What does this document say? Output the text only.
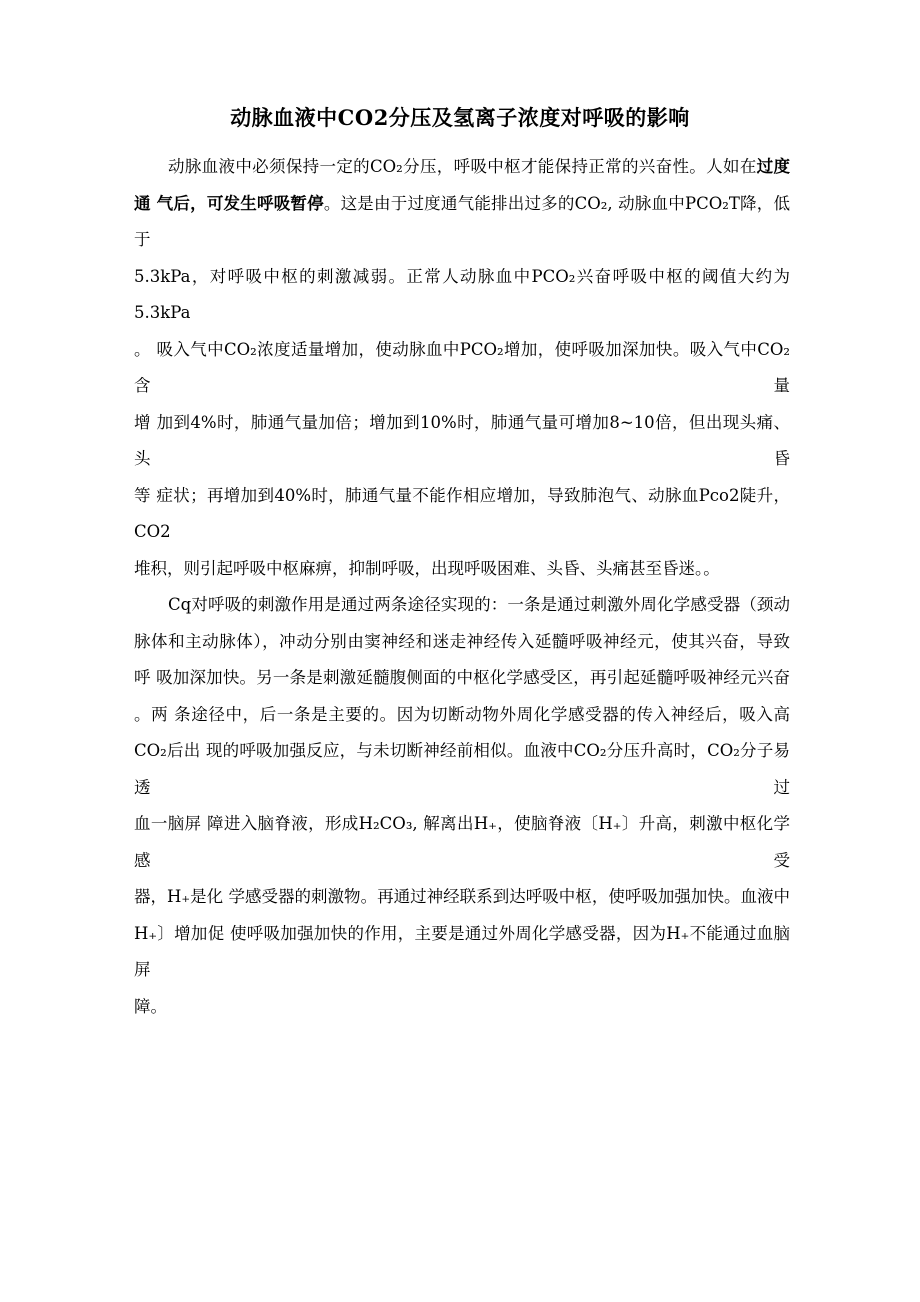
动脉血液中CO2分压及氢离子浓度对呼吸的影响
动脉血液中必须保持一定的CO₂分压，呼吸中枢才能保持正常的兴奋性。人如在过度
通 气后，可发生呼吸暂停。这是由于过度通气能排出过多的CO₂, 动脉血中PCO₂T降，低于
5.3kPa，对呼吸中枢的刺激减弱。正常人动脉血中PCO₂兴奋呼吸中枢的阈值大约为5.3kPa
。 吸入气中CO₂浓度适量增加，使动脉血中PCO₂增加，使呼吸加深加快。吸入气中CO₂含量
增 加到4%时，肺通气量加倍；增加到10%时，肺通气量可增加8~10倍，但出现头痛、头昏
等 症状；再增加到40%时，肺通气量不能作相应增加，导致肺泡气、动脉血Pco2陡升，CO2
堆积，则引起呼吸中枢麻痹，抑制呼吸，出现呼吸困难、头昏、头痛甚至昏迷。。
Cq对呼吸的刺激作用是通过两条途径实现的：一条是通过刺激外周化学感受器（颈动
脉体和主动脉体），冲动分别由窦神经和迷走神经传入延髓呼吸神经元，使其兴奋，导致
呼 吸加深加快。另一条是刺激延髓腹侧面的中枢化学感受区，再引起延髓呼吸神经元兴奋
。两 条途径中，后一条是主要的。因为切断动物外周化学感受器的传入神经后，吸入高
CO₂后出 现的呼吸加强反应，与未切断神经前相似。血液中CO₂分压升高时，CO₂分子易透过
血一脑屏 障进入脑脊液，形成H₂CO₃, 解离出H₊，使脑脊液〔H₊〕升高，刺激中枢化学感受
器，H₊是化 学感受器的刺激物。再通过神经联系到达呼吸中枢，使呼吸加强加快。血液中
H₊〕增加促 使呼吸加强加快的作用，主要是通过外周化学感受器，因为H₊不能通过血脑屏
障。
